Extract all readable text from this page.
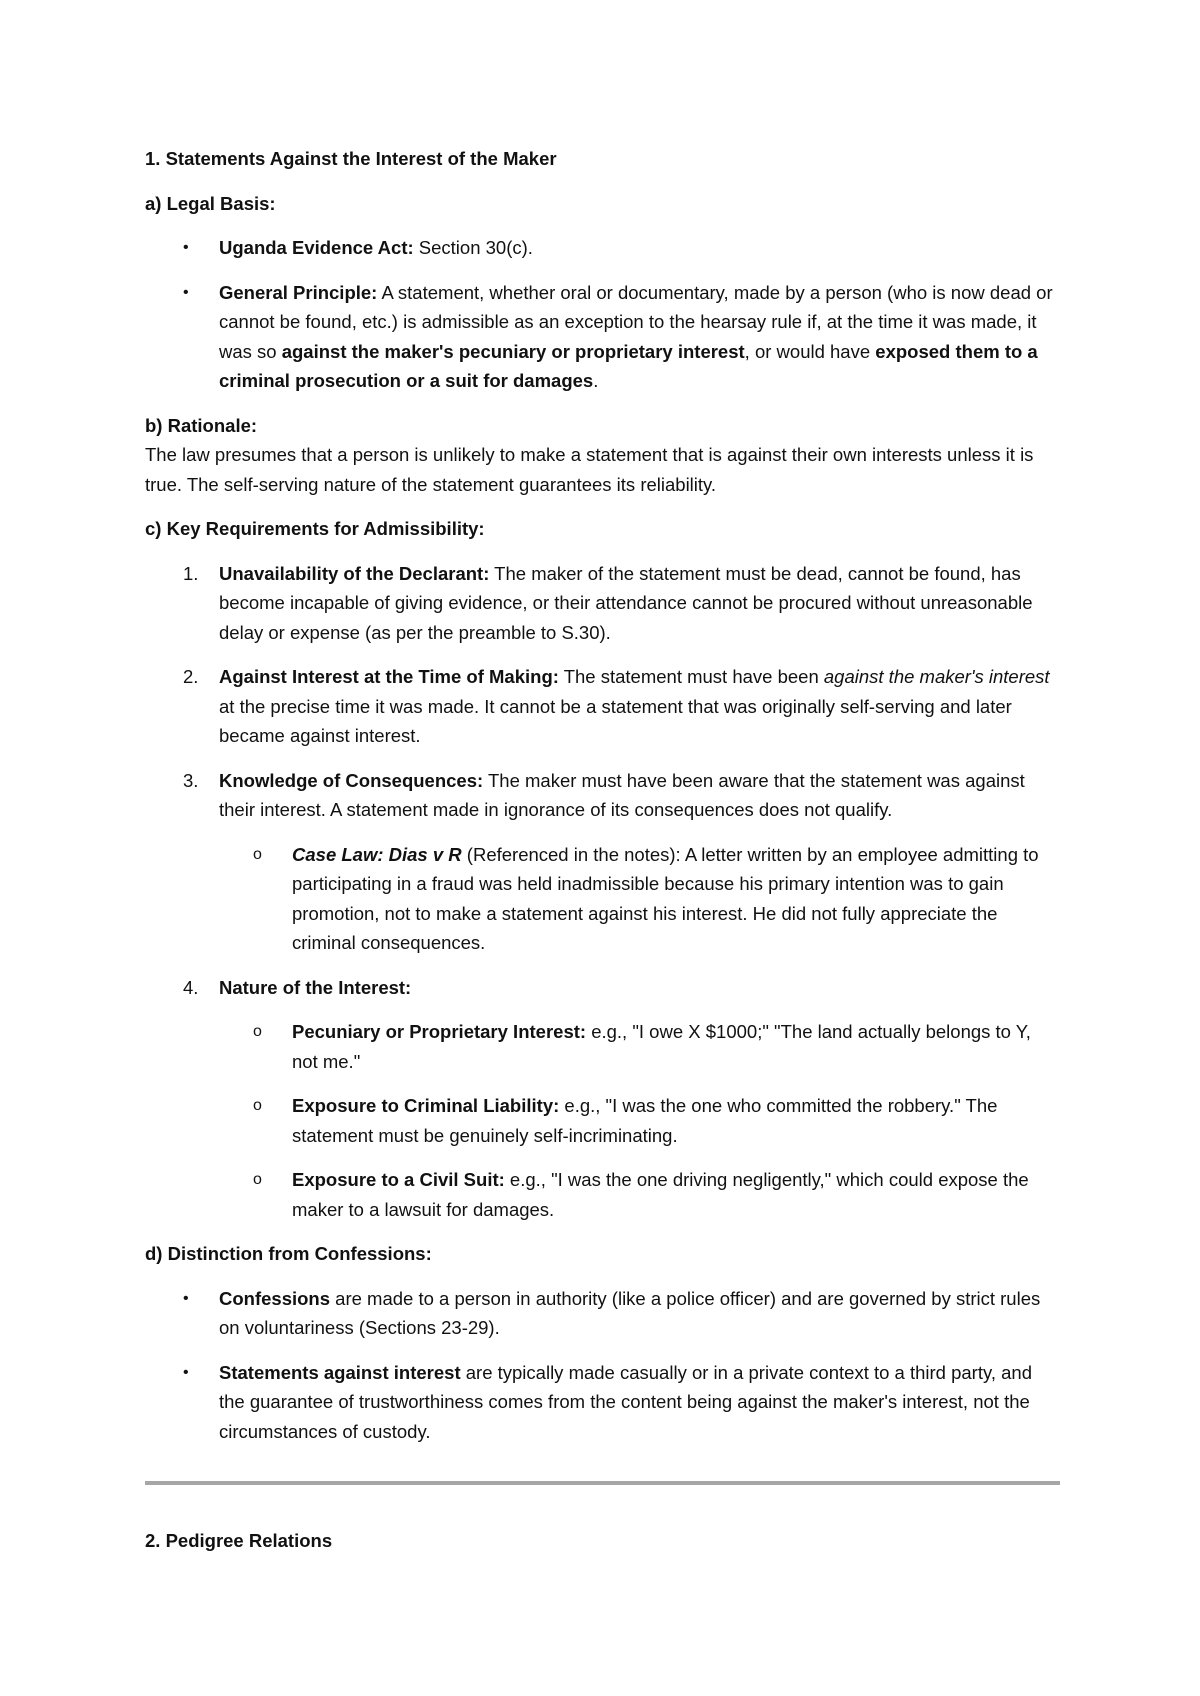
1. Statements Against the Interest of the Maker

a) Legal Basis:

• Uganda Evidence Act: Section 30(c).
• General Principle: A statement, whether oral or documentary, made by a person (who is now dead or cannot be found, etc.) is admissible as an exception to the hearsay rule if, at the time it was made, it was so against the maker's pecuniary or proprietary interest, or would have exposed them to a criminal prosecution or a suit for damages.

b) Rationale:

The law presumes that a person is unlikely to make a statement that is against their own interests unless it is true. The self-serving nature of the statement guarantees its reliability.

c) Key Requirements for Admissibility:

1. Unavailability of the Declarant: The maker of the statement must be dead, cannot be found, has become incapable of giving evidence, or their attendance cannot be procured without unreasonable delay or expense (as per the preamble to S.30).
2. Against Interest at the Time of Making: The statement must have been against the maker's interest at the precise time it was made. It cannot be a statement that was originally self-serving and later became against interest.
3. Knowledge of Consequences: The maker must have been aware that the statement was against their interest. A statement made in ignorance of its consequences does not qualify.
o Case Law: Dias v R (Referenced in the notes): A letter written by an employee admitting to participating in a fraud was held inadmissible because his primary intention was to gain promotion, not to make a statement against his interest. He did not fully appreciate the criminal consequences.
4. Nature of the Interest:
o Pecuniary or Proprietary Interest: e.g., "I owe X $1000;" "The land actually belongs to Y, not me."
o Exposure to Criminal Liability: e.g., "I was the one who committed the robbery." The statement must be genuinely self-incriminating.
o Exposure to a Civil Suit: e.g., "I was the one driving negligently," which could expose the maker to a lawsuit for damages.

d) Distinction from Confessions:

• Confessions are made to a person in authority (like a police officer) and are governed by strict rules on voluntariness (Sections 23-29).
• Statements against interest are typically made casually or in a private context to a third party, and the guarantee of trustworthiness comes from the content being against the maker's interest, not the circumstances of custody.

2. Pedigree Relations
